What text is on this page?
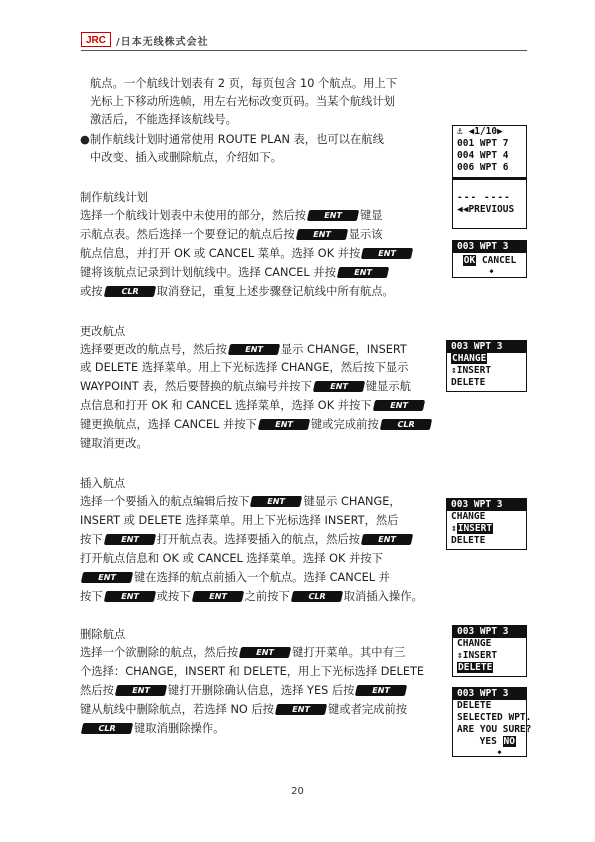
JRC	/日本无线株式会社
航点。一个航线计划表有 2 页，每页包含 10 个航点。用上下
光标上下移动所选帧，用左右光标改变页码。当某个航线计划
激活后，不能选择该航线号。
●制作航线计划时通常使用 ROUTE PLAN 表，也可以在航线
中改变、插入或删除航点，介绍如下。
制作航线计划
选择一个航线计划表中未使用的部分，然后按 ENT 键显
示航点表。然后选择一个要登记的航点后按 ENT 显示该
航点信息，并打开 OK 或 CANCEL 菜单。选择 OK 并按 ENT
键将该航点记录到计划航线中。选择 CANCEL 并按 ENT
或按 CLR 取消登记，重复上述步骤登记航线中所有航点。
更改航点
选择要更改的航点号，然后按 ENT 显示 CHANGE，INSERT
或 DELETE 选择菜单。用上下光标选择 CHANGE，然后按下显示
WAYPOINT 表，然后要替换的航点编号并按下 ENT 键显示航
点信息和打开 OK 和 CANCEL 选择菜单，选择 OK 并按下 ENT
键更换航点，选择 CANCEL 并按下 ENT 键或完成前按 CLR
键取消更改。
插入航点
选择一个要插入的航点编辑后按下 ENT 键显示 CHANGE，
INSERT 或 DELETE 选择菜单。用上下光标选择 INSERT，然后
按下 ENT 打开航点表。选择要插入的航点，然后按 ENT
打开航点信息和 OK 或 CANCEL 选择菜单。选择 OK 并按下
ENT 键在选择的航点前插入一个航点。选择 CANCEL 并
按下 ENT 或按下 ENT 之前按下 CLR 取消插入操作。
删除航点
选择一个欲删除的航点，然后按 ENT 键打开菜单。其中有三
个选择：CHANGE，INSERT 和 DELETE，用上下光标选择 DELETE
然后按 ENT 键打开删除确认信息，选择 YES 后按 ENT
键从航线中删除航点，若选择 NO 后按 ENT 键或者完成前按
CLR 键取消删除操作。
⚓ ◀1/10▶
001 WPT 7
004 WPT 4
006 WPT 6
--- ----
◀◀PREVIOUS
003 WPT 3
OK CANCEL
◆
003 WPT 3
CHANGE
⇕INSERT
DELETE
003 WPT 3
CHANGE
⇕INSERT
DELETE
003 WPT 3
CHANGE
⇕INSERT
DELETE
003 WPT 3
DELETE
SELECTED WPT.
ARE YOU SURE?
YES NO
◆
20
